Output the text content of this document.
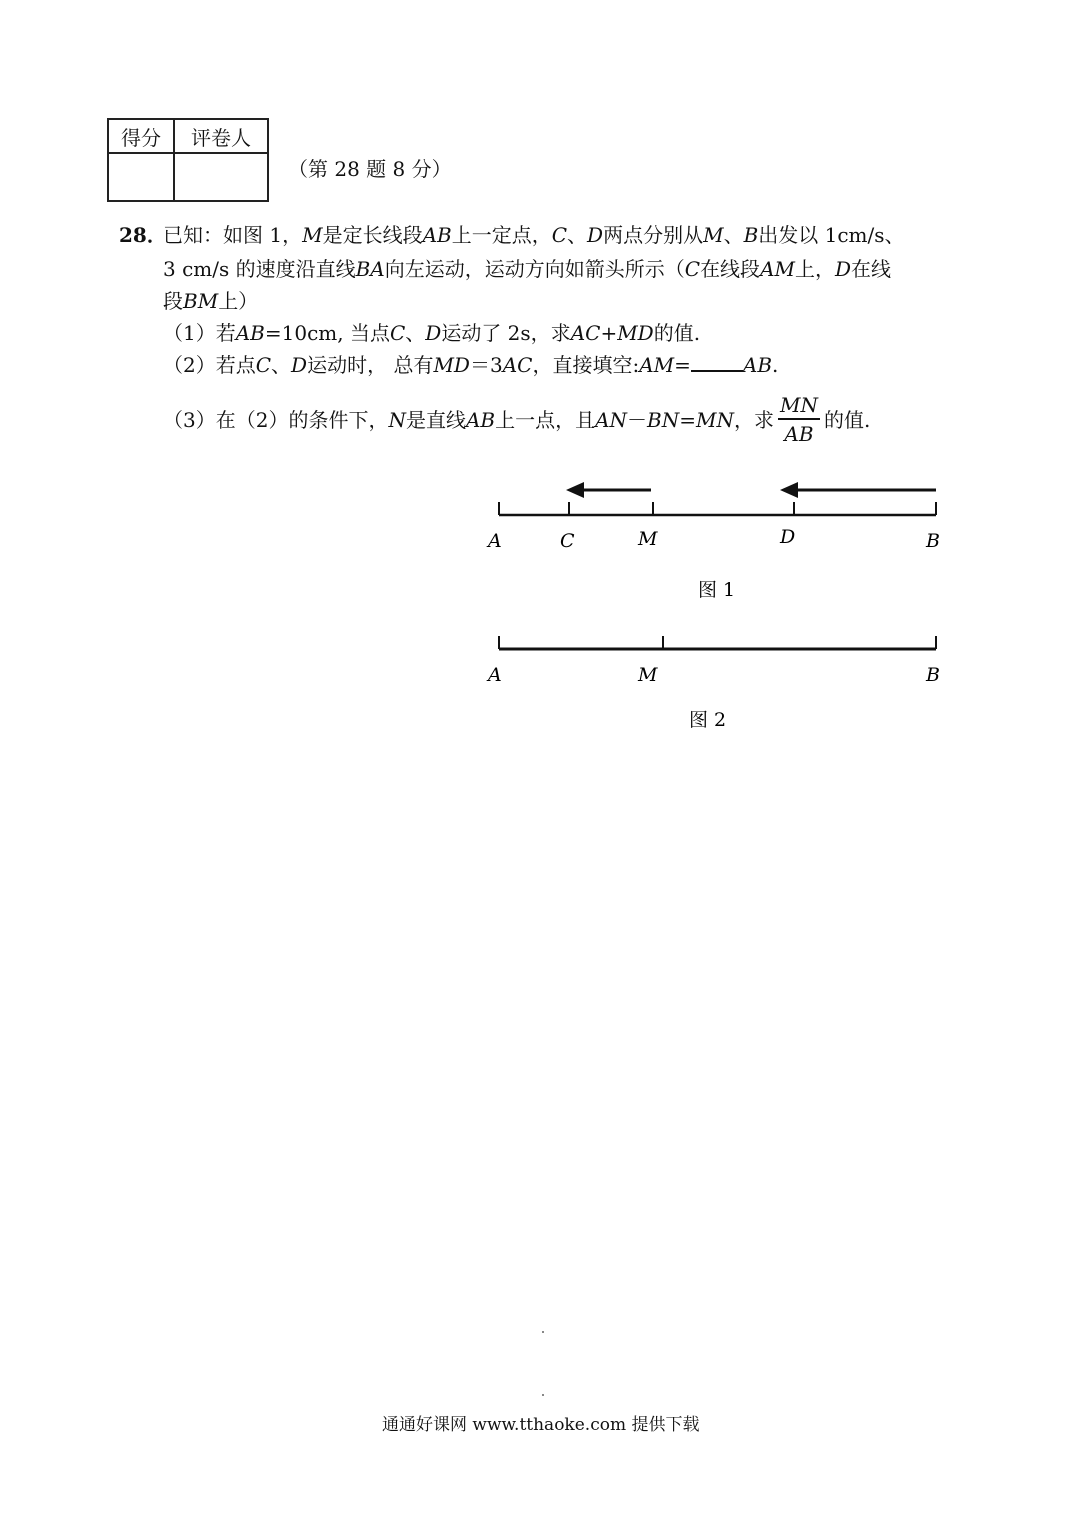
得分	评卷人

（第 28 题 8 分）
28．
已知：如图 1，M是定长线段AB上一定点，C、D两点分别从M、B出发以 1cm/s、
3 cm/s 的速度沿直线BA向左运动，运动方向如箭头所示（C在线段AM上，D在线
段BM上）
（1）若AB=10cm, 当点C、D运动了 2s，求AC+MD的值.
（2）若点C、D运动时， 总有MD＝3AC，直接填空:AM=	AB.
（3）在（2）的条件下，N是直线AB上一点，且AN－BN=MN，求 $\frac{MN}{AB}$ 的值.
A	C	M	D	B
图 1
A	M	B
图 2
通通好课网 www.tthaoke.com 提供下载
